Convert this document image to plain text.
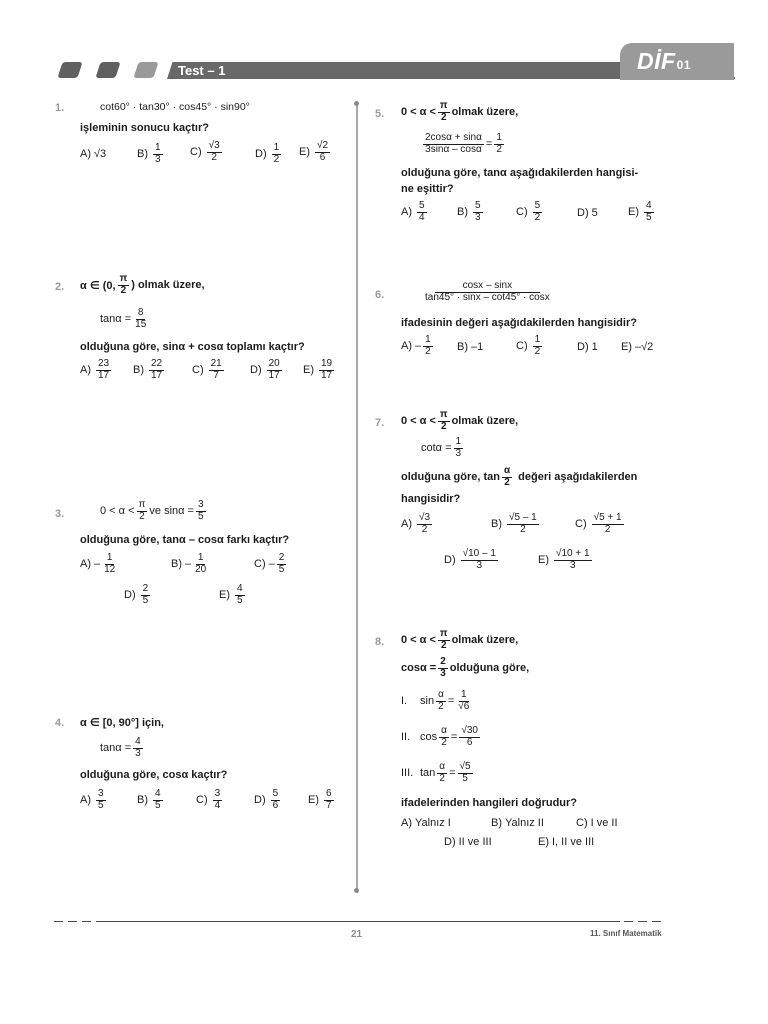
Test – 1	DİF01
1.	cot60° · tan30° · cos45° · sin90°
işleminin sonucu kaçtır?
A) √3	$B) \frac{1}{3} C) \frac{√3}{2}$	$D) \frac{1}{2} E) \frac{√2}{6}$
2. α ∈ (0, $\frac{\pi}{2}$ ) olmak üzere,
$\tan\alpha = \frac{8}{15}$
olduğuna göre, sinα + cosα toplamı kaçtır?
$A) \frac{23}{17} B) \frac{22}{17}$	$C) \frac{21}{7} D) \frac{20}{17} E) \frac{19}{17}$
3.	$0 < \alpha < \frac{\pi}{2}$ ve $\sin\alpha = \frac{3}{5}$
olduğuna göre, tanα – cosα farkı kaçtır?
$A) - \frac{1}{12}$	$B) - \frac{1}{20}$	$C) - \frac{2}{5}$
$D) \frac{2}{5}$	$E) \frac{4}{5}$
4. α ∈ [0, 90°] için,
$\tan\alpha = \frac{4}{3}$
olduğuna göre, cosα kaçtır?
$A) \frac{3}{5}$	$B) \frac{4}{5}$	$C) \frac{3}{4}$	$D) \frac{5}{6}$	$E) \frac{6}{7}$
5. $0 < \alpha < \frac{\pi}{2}$ olmak üzere,
$\frac{2\cos\alpha + \sin\alpha}{3\sin\alpha - \cos\alpha} = \frac{1}{2}$
olduğuna göre, tanα aşağıdakilerden hangisi-
ne eşittir?
$A) \frac{5}{4}$	$B) \frac{5}{3}$	$C) \frac{5}{2}$	D) 5	$E) \frac{4}{5}$
6.	$\frac{\cos x - \sin x}{\tan 45^\circ \cdot \sin x - \cot 45^\circ \cdot \cos x}$
ifadesinin değeri aşağıdakilerden hangisidir?
$A) - \frac{1}{2} B$) –1	$C) \frac{1}{2}$	D) 1 E) –√2
7. $0 < \alpha < \frac{\pi}{2}$ olmak üzere,
$\cot\alpha = \frac{1}{3}$
olduğuna göre, $\tan \frac{\alpha}{2}$ değeri aşağıdakilerden
hangisidir?
$A) \frac{√3}{2}$	$B) \frac{√5 - 1}{2}$	$C) \frac{√5 + 1}{2}$
$D) \frac{√10 - 1}{3}$	$E) \frac{√10 + 1}{3}$
8. $0 < \alpha < \frac{\pi}{2}$ olmak üzere,
$\cos\alpha = \frac{2}{3}$ olduğuna göre,
I.	$\sin \frac{\alpha}{2} = \frac{1}{√6}$
II. $\cos \frac{\alpha}{2} = \frac{√30}{6}$
III. $\tan \frac{\alpha}{2} = \frac{√5}{5}$
ifadelerinden hangileri doğrudur?
A) Yalnız I	B) Yalnız II	C) I ve II
D) II ve III	E) I, II ve III
21	11. Sınıf Matematik
